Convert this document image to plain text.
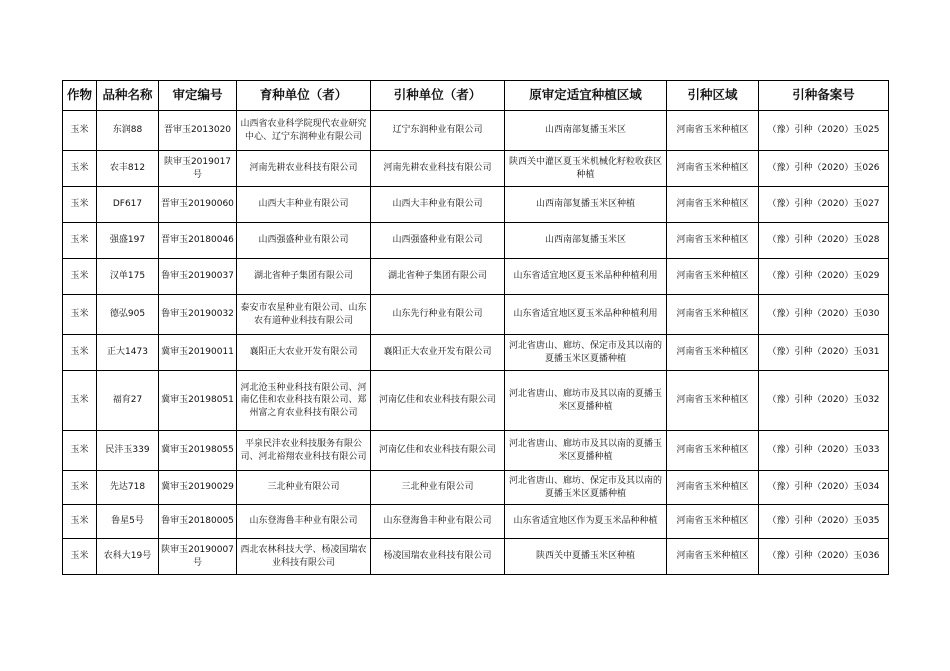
作物	品种名称	审定编号	育种单位（者）	引种单位（者）	原审定适宜种植区域	引种区域	引种备案号
玉米	东润88	晋审玉2013020	山西省农业科学院现代农业研究中心、辽宁东润种业有限公司	辽宁东润种业有限公司	山西南部复播玉米区	河南省玉米种植区	（豫）引种（2020）玉025
玉米	农丰812	陕审玉2019017号	河南先耕农业科技有限公司	河南先耕农业科技有限公司	陕西关中灌区夏玉米机械化籽粒收获区种植	河南省玉米种植区	（豫）引种（2020）玉026
玉米	DF617	晋审玉20190060	山西大丰种业有限公司	山西大丰种业有限公司	山西南部复播玉米区种植	河南省玉米种植区	（豫）引种（2020）玉027
玉米	强盛197	晋审玉20180046	山西强盛种业有限公司	山西强盛种业有限公司	山西南部复播玉米区	河南省玉米种植区	（豫）引种（2020）玉028
玉米	汉单175	鲁审玉20190037	湖北省种子集团有限公司	湖北省种子集团有限公司	山东省适宜地区夏玉米品种种植利用	河南省玉米种植区	（豫）引种（2020）玉029
玉米	德弘905	鲁审玉20190032	泰安市农星种业有限公司、山东农有道种业科技有限公司	山东先行种业有限公司	山东省适宜地区夏玉米品种种植利用	河南省玉米种植区	（豫）引种（2020）玉030
玉米	正大1473	冀审玉20190011	襄阳正大农业开发有限公司	襄阳正大农业开发有限公司	河北省唐山、廊坊、保定市及其以南的夏播玉米区夏播种植	河南省玉米种植区	（豫）引种（2020）玉031
玉米	福育27	冀审玉20198051	河北沧玉种业科技有限公司、河南亿佳和农业科技有限公司、郑州富之育农业科技有限公司	河南亿佳和农业科技有限公司	河北省唐山、廊坊市及其以南的夏播玉米区夏播种植	河南省玉米种植区	（豫）引种（2020）玉032
玉米	民沣玉339	冀审玉20198055	平泉民沣农业科技服务有限公司、河北裕翔农业科技有限公司	河南亿佳和农业科技有限公司	河北省唐山、廊坊市及其以南的夏播玉米区夏播种植	河南省玉米种植区	（豫）引种（2020）玉033
玉米	先达718	冀审玉20190029	三北种业有限公司	三北种业有限公司	河北省唐山、廊坊、保定市及其以南的夏播玉米区夏播种植	河南省玉米种植区	（豫）引种（2020）玉034
玉米	鲁星5号	鲁审玉20180005	山东登海鲁丰种业有限公司	山东登海鲁丰种业有限公司	山东省适宜地区作为夏玉米品种种植	河南省玉米种植区	（豫）引种（2020）玉035
玉米	农科大19号	陕审玉20190007号	西北农林科技大学、杨凌国瑞农业科技有限公司	杨凌国瑞农业科技有限公司	陕西关中夏播玉米区种植	河南省玉米种植区	（豫）引种（2020）玉036
